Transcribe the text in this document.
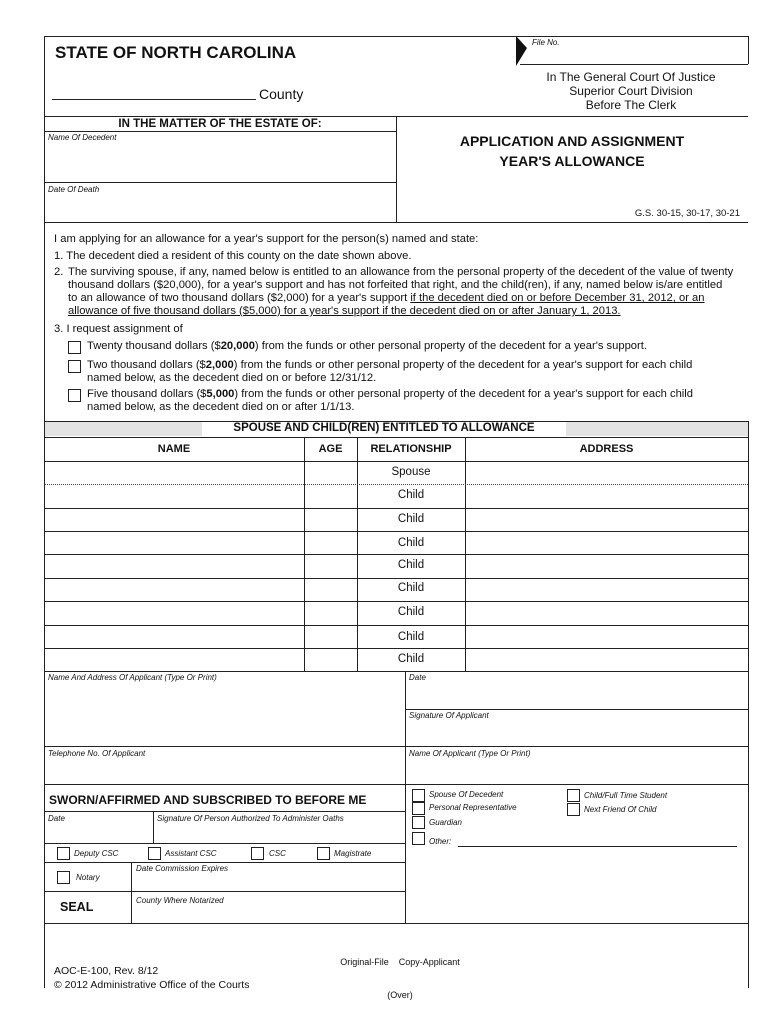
File No.
STATE OF NORTH CAROLINA
County
In The General Court Of Justice
Superior Court Division
Before The Clerk
IN THE MATTER OF THE ESTATE OF:
Name Of Decedent
Date Of Death
APPLICATION AND ASSIGNMENT
YEAR'S ALLOWANCE
G.S. 30-15, 30-17, 30-21
I am applying for an allowance for a year's support for the person(s) named and state:
1. The decedent died a resident of this county on the date shown above.
2. The surviving spouse, if any, named below is entitled to an allowance from the personal property of the decedent of the value of twenty
thousand dollars ($20,000), for a year's support and has not forfeited that right, and the child(ren), if any, named below is/are entitled
to an allowance of two thousand dollars ($2,000) for a year's support if the decedent died on or before December 31, 2012, or an
allowance of five thousand dollars ($5,000) for a year's support if the decedent died on or after January 1, 2013.
3. I request assignment of
Twenty thousand dollars ($20,000) from the funds or other personal property of the decedent for a year's support.
Two thousand dollars ($2,000) from the funds or other personal property of the decedent for a year's support for each child
named below, as the decedent died on or before 12/31/12.
Five thousand dollars ($5,000) from the funds or other personal property of the decedent for a year's support for each child
named below, as the decedent died on or after 1/1/13.
SPOUSE AND CHILD(REN) ENTITLED TO ALLOWANCE
NAME	AGE	RELATIONSHIP	ADDRESS
Spouse
Child
Child
Child
Child
Child
Child
Child
Child
Name And Address Of Applicant (Type Or Print)	Date
Signature Of Applicant
Telephone No. Of Applicant	Name Of Applicant (Type Or Print)
Spouse Of Decedent
Personal Representative
Guardian
Other:
Child/Full Time Student
Next Friend Of Child
SWORN/AFFIRMED AND SUBSCRIBED TO BEFORE ME
Date	Signature Of Person Authorized To Administer Oaths
Deputy CSC	Assistant CSC	CSC	Magistrate
Notary
Date Commission Expires
County Where Notarized
SEAL

Original-File    Copy-Applicant

(Over)

AOC-E-100, Rev. 8/12
© 2012 Administrative Office of the Courts
